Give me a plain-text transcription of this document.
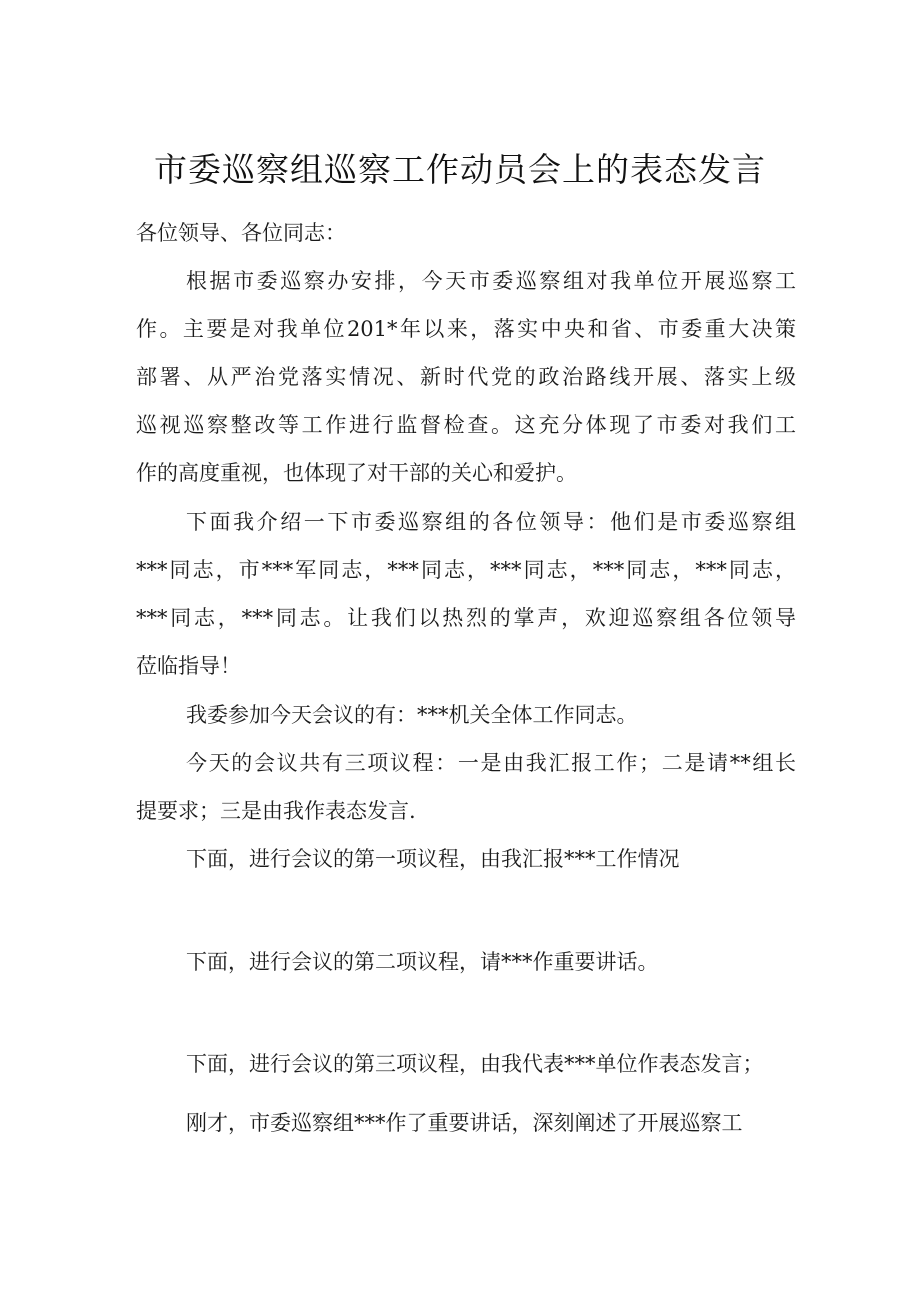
市委巡察组巡察工作动员会上的表态发言
各位领导、各位同志：
根据市委巡察办安排，今天市委巡察组对我单位开展巡察工
作。主要是对我单位201*年以来，落实中央和省、市委重大决策
部署、从严治党落实情况、新时代党的政治路线开展、落实上级
巡视巡察整改等工作进行监督检查。这充分体现了市委对我们工
作的高度重视，也体现了对干部的关心和爱护。
下面我介绍一下市委巡察组的各位领导：他们是市委巡察组
***同志，市***军同志，***同志，***同志，***同志，***同志，
***同志，***同志。让我们以热烈的掌声，欢迎巡察组各位领导
莅临指导！
我委参加今天会议的有：***机关全体工作同志。
今天的会议共有三项议程：一是由我汇报工作；二是请**组长
提要求；三是由我作表态发言.
下面，进行会议的第一项议程，由我汇报***工作情况
下面，进行会议的第二项议程，请***作重要讲话。
下面，进行会议的第三项议程，由我代表***单位作表态发言；
刚才，市委巡察组***作了重要讲话，深刻阐述了开展巡察工
